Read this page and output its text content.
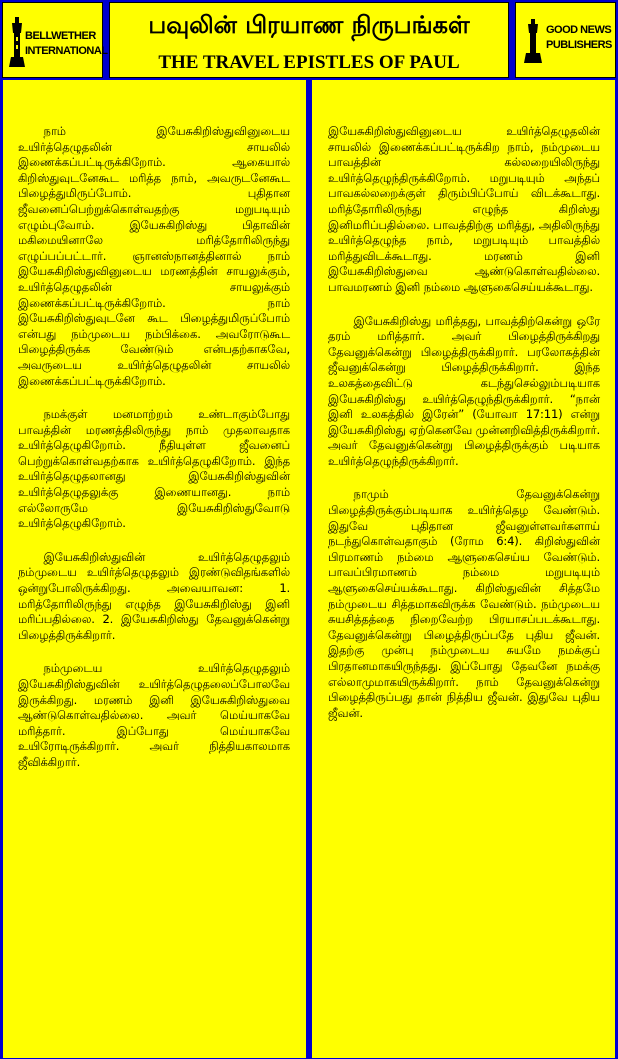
BELLWETHER
INTERNATIONAL
பவுலின் பிரயாண நிருபங்கள்
THE TRAVEL EPISTLES OF PAUL
GOOD NEWS
PUBLISHERS

நாம் இயேசுகிறிஸ்துவினுடைய உயிர்த்தெழுதலின் சாயலில் இணைக்கப்பட்டிருக்கிறோம். ஆகையால் கிறிஸ்துவுடனேகூட மரித்த நாம், அவருடனேகூட பிழைத்துமிருப்போம். புதிதான ஜீவனைப்பெற்றுக்கொள்வதற்கு மறுபடியும் எழும்புவோம். இயேசுகிறிஸ்து பிதாவின் மகிமையினாலே மரித்தோரிலிருந்து எழுப்பப்பட்டார். ஞானஸ்நானத்தினால் நாம் இயேசுகிறிஸ்துவினுடைய மரணத்தின் சாயலுக்கும், உயிர்த்தெழுதலின் சாயலுக்கும் இணைக்கப்பட்டிருக்கிறோம். நாம் இயேசுகிறிஸ்துவுடனே கூட பிழைத்துமிருப்போம் என்பது நம்முடைய நம்பிக்கை. அவரோடுகூட பிழைத்திருக்க வேண்டும் என்பதற்காகவே, அவருடைய உயிர்த்தெழுதலின் சாயலில் இணைக்கப்பட்டிருக்கிறோம்.

நமக்குள் மனமாற்றம் உண்டாகும்போது பாவத்தின் மரணத்திலிருந்து நாம் முதலாவதாக உயிர்த்தெழுகிறோம். நீதியுள்ள ஜீவனைப் பெற்றுக்கொள்வதற்காக உயிர்த்தெழுகிறோம். இந்த உயிர்த்தெழுதலானது இயேசுகிறிஸ்துவின் உயிர்த்தெழுதலுக்கு இணையானது. நாம் எல்லோருமே இயேசுகிறிஸ்துவோடு உயிர்த்தெழுகிறோம்.

இயேசுகிறிஸ்துவின் உயிர்த்தெழுதலும் நம்முடைய உயிர்த்தெழுதலும் இரண்டுவிதங்களில் ஒன்றுபோலிருக்கிறது. அவையாவன: 1. மரித்தோரிலிருந்து எழுந்த இயேசுகிறிஸ்து இனி மரிப்பதில்லை. 2. இயேசுகிறிஸ்து தேவனுக்கென்று பிழைத்திருக்கிறார்.

நம்முடைய உயிர்த்தெழுதலும் இயேசுகிறிஸ்துவின் உயிர்த்தெழுதலைப்போலவே இருக்கிறது. மரணம் இனி இயேசுகிறிஸ்துவை ஆண்டுகொள்வதில்லை. அவர் மெய்யாகவே மரித்தார். இப்போது மெய்யாகவே உயிரோடிருக்கிறார். அவர் நித்தியகாலமாக ஜீவிக்கிறார்.

இயேசுகிறிஸ்துவினுடைய உயிர்த்தெழுதலின் சாயலில் இணைக்கப்பட்டிருக்கிற நாம், நம்முடைய பாவத்தின் கல்லறையிலிருந்து உயிர்த்தெழுந்திருக்கிறோம். மறுபடியும் அந்தப் பாவகல்லறைக்குள் திரும்பிப்போய் விடக்கூடாது. மரித்தோரிலிருந்து எழுந்த கிறிஸ்து இனிமரிப்பதில்லை. பாவத்திற்கு மரித்து, அதிலிருந்து உயிர்த்தெழுந்த நாம், மறுபடியும் பாவத்தில் மரித்துவிடக்கூடாது. மரணம் இனி இயேசுகிறிஸ்துவை ஆண்டுகொள்வதில்லை. பாவமரணம் இனி நம்மை ஆளுகைசெய்யக்கூடாது.

இயேசுகிறிஸ்து மரித்தது, பாவத்திற்கென்று ஒரே தரம் மரித்தார். அவர் பிழைத்திருக்கிறது தேவனுக்கென்று பிழைத்திருக்கிறார். பரலோகத்தின் ஜீவனுக்கென்று பிழைத்திருக்கிறார். இந்த உலகத்தைவிட்டு கடந்துசெல்லும்படியாக இயேசுகிறிஸ்து உயிர்த்தெழுந்திருக்கிறார். “நான் இனி உலகத்தில் இரேன்” (யோவா 17:11) என்று இயேசுகிறிஸ்து ஏற்கெனவே முன்னறிவித்திருக்கிறார். அவர் தேவனுக்கென்று பிழைத்திருக்கும் படியாக உயிர்த்தெழுந்திருக்கிறார்.

நாமும் தேவனுக்கென்று பிழைத்திருக்கும்படியாக உயிர்த்தெழ வேண்டும். இதுவே புதிதான ஜீவனுள்ளவர்களாய் நடந்துகொள்வதாகும் (ரோம 6:4). கிறிஸ்துவின் பிரமாணம் நம்மை ஆளுகைசெய்ய வேண்டும். பாவப்பிரமாணம் நம்மை மறுபடியும் ஆளுகைசெய்யக்கூடாது. கிறிஸ்துவின் சித்தமே நம்முடைய சித்தமாகவிருக்க வேண்டும். நம்முடைய சுயசித்தத்தை நிறைவேற்ற பிரயாசப்படக்கூடாது. தேவனுக்கென்று பிழைத்திருப்பதே புதிய ஜீவன். இதற்கு முன்பு நம்முடைய சுயமே நமக்குப் பிரதானமாகயிருந்தது. இப்போது தேவனே நமக்கு எல்லாமுமாகயிருக்கிறார். நாம் தேவனுக்கென்று பிழைத்திருப்பது தான் நித்திய ஜீவன். இதுவே புதிய ஜீவன்.
